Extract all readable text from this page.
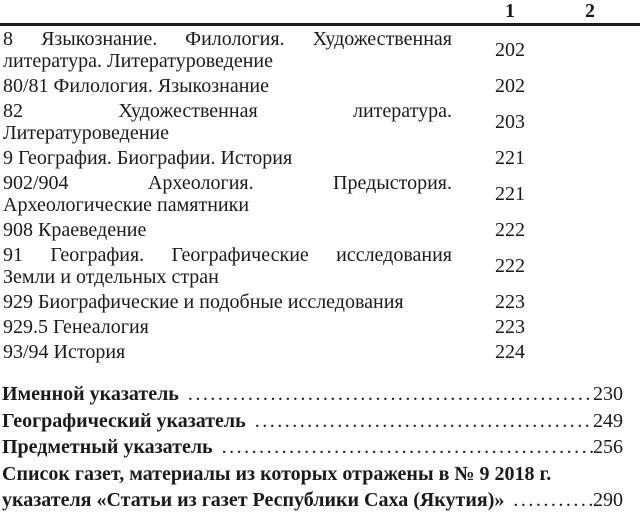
	1	2

8 Языкознание. Филология. Художественная
литература. Литературоведение	202	

80/81 Филология. Языкознание	202	

82 Художественная литература.
Литературоведение	203	

9 География. Биографии. История	221	

902/904 Археология. Предыстория.
Археологические памятники	221	

908 Краеведение	222	

91 География. Географические исследования
Земли и отдельных стран	222	

929 Биографические и подобные исследования	223	

929.5 Генеалогия	223	

93/94 История	224	
Именной указатель .....	230
Географический указатель .....	249
Предметный указатель .....	256
Список газет, материалы из которых отражены в № 9 2018 г.
указателя «Статьи из газет Республики Саха (Якутия)» .....	290
